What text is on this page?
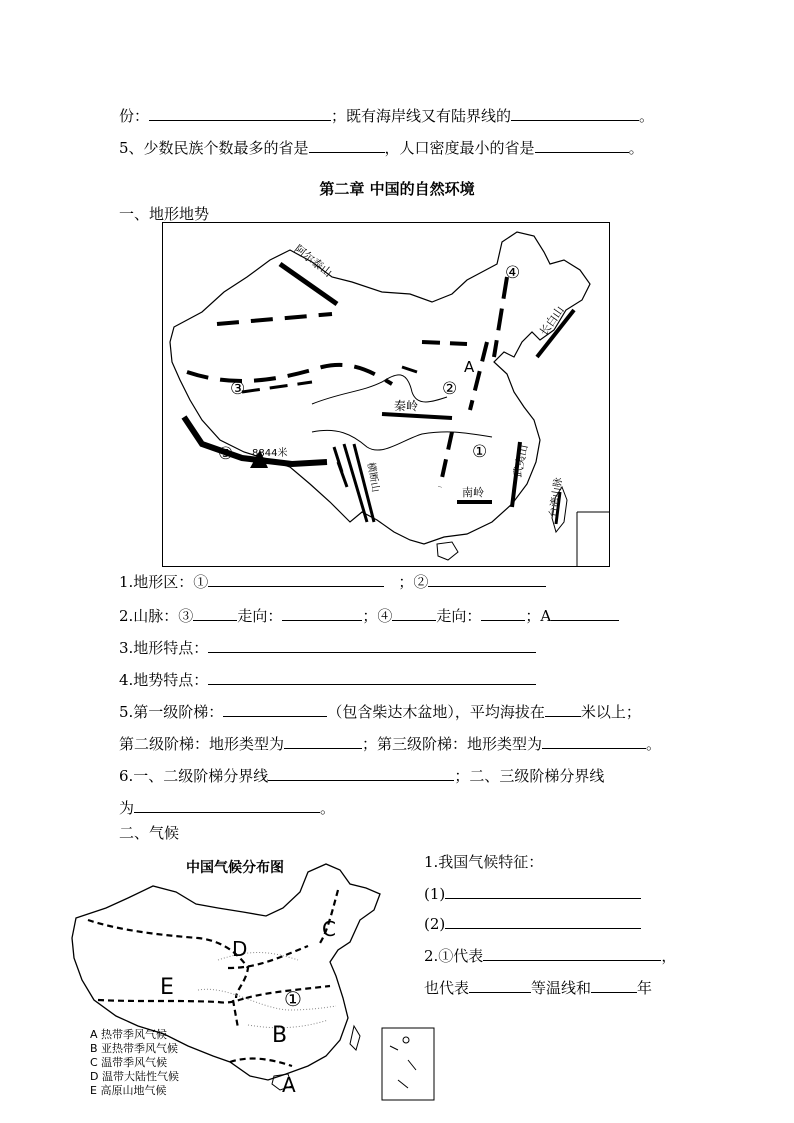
份：	；既有海岸线又有陆界线的	。
5、少数民族个数最多的省是	，人口密度最小的省是	。
第二章 中国的自然环境
一、地形地势
阿尔泰山
长白山
秦岭
南岭
武夷山
台湾山脉
横断山
8844米
A
①
②
③
④
⑤
1.地形区：①	；②
2.山脉：③	走向：	；④	走向：	；A
3.地形特点：
4.地势特点：
5.第一级阶梯：	（包含柴达木盆地），平均海拔在 米以上；
第二级阶梯：地形类型为	；第三级阶梯：地形类型为	。
6.一、二级阶梯分界线	；二、三级阶梯分界线
为	。
二、气候
中国气候分布图
C
D
E
B
A
①
A 热带季风气候
B 亚热带季风气候
C 温带季风气候
D 温带大陆性气候
E 高原山地气候
1.我国气候特征：
(1)
(2)
2.①代表	，
也代表	等温线和	年
